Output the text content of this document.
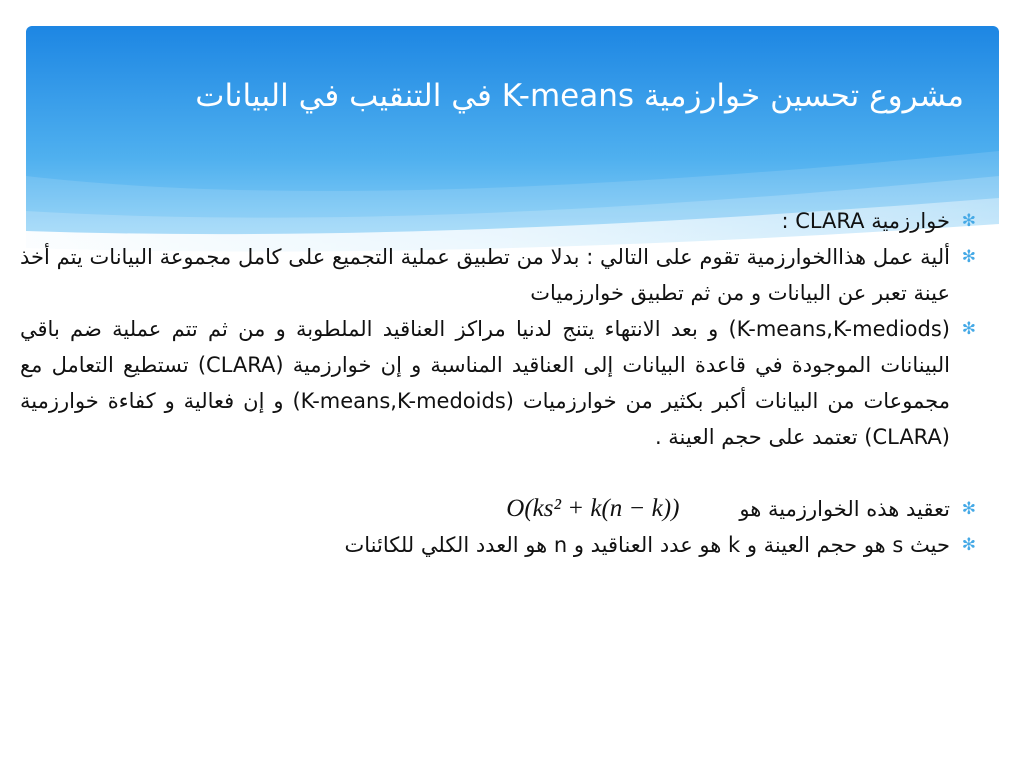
مشروع تحسين خوارزمية K-means في التنقيب في البيانات
✻
خوارزمية CLARA :
✻
ألية عمل هذاالخوارزمية تقوم على التالي : بدلا من تطبيق عملية التجميع على كامل مجموعة البيانات يتم أخذ عينة تعبر عن البيانات و من ثم تطبيق خوارزميات
✻
(K-means,K-mediods) و بعد الانتهاء يتنج لدنيا مراكز العناقيد الملطوبة و من ثم تتم عملية ضم باقي البينانات الموجودة في قاعدة البيانات إلى العناقيد المناسبة و إن خوارزمية (CLARA) تستطيع التعامل مع مجموعات من البيانات أكبر بكثير من خوارزميات (K-means,K-medoids) و إن فعالية و كفاءة خوارزمية (CLARA) تعتمد على حجم العينة .
✻
تعقيد هذه الخوارزمية هوO(ks² + k(n − k))
✻
حيث s هو حجم العينة و k هو عدد العناقيد و n هو العدد الكلي للكائنات
